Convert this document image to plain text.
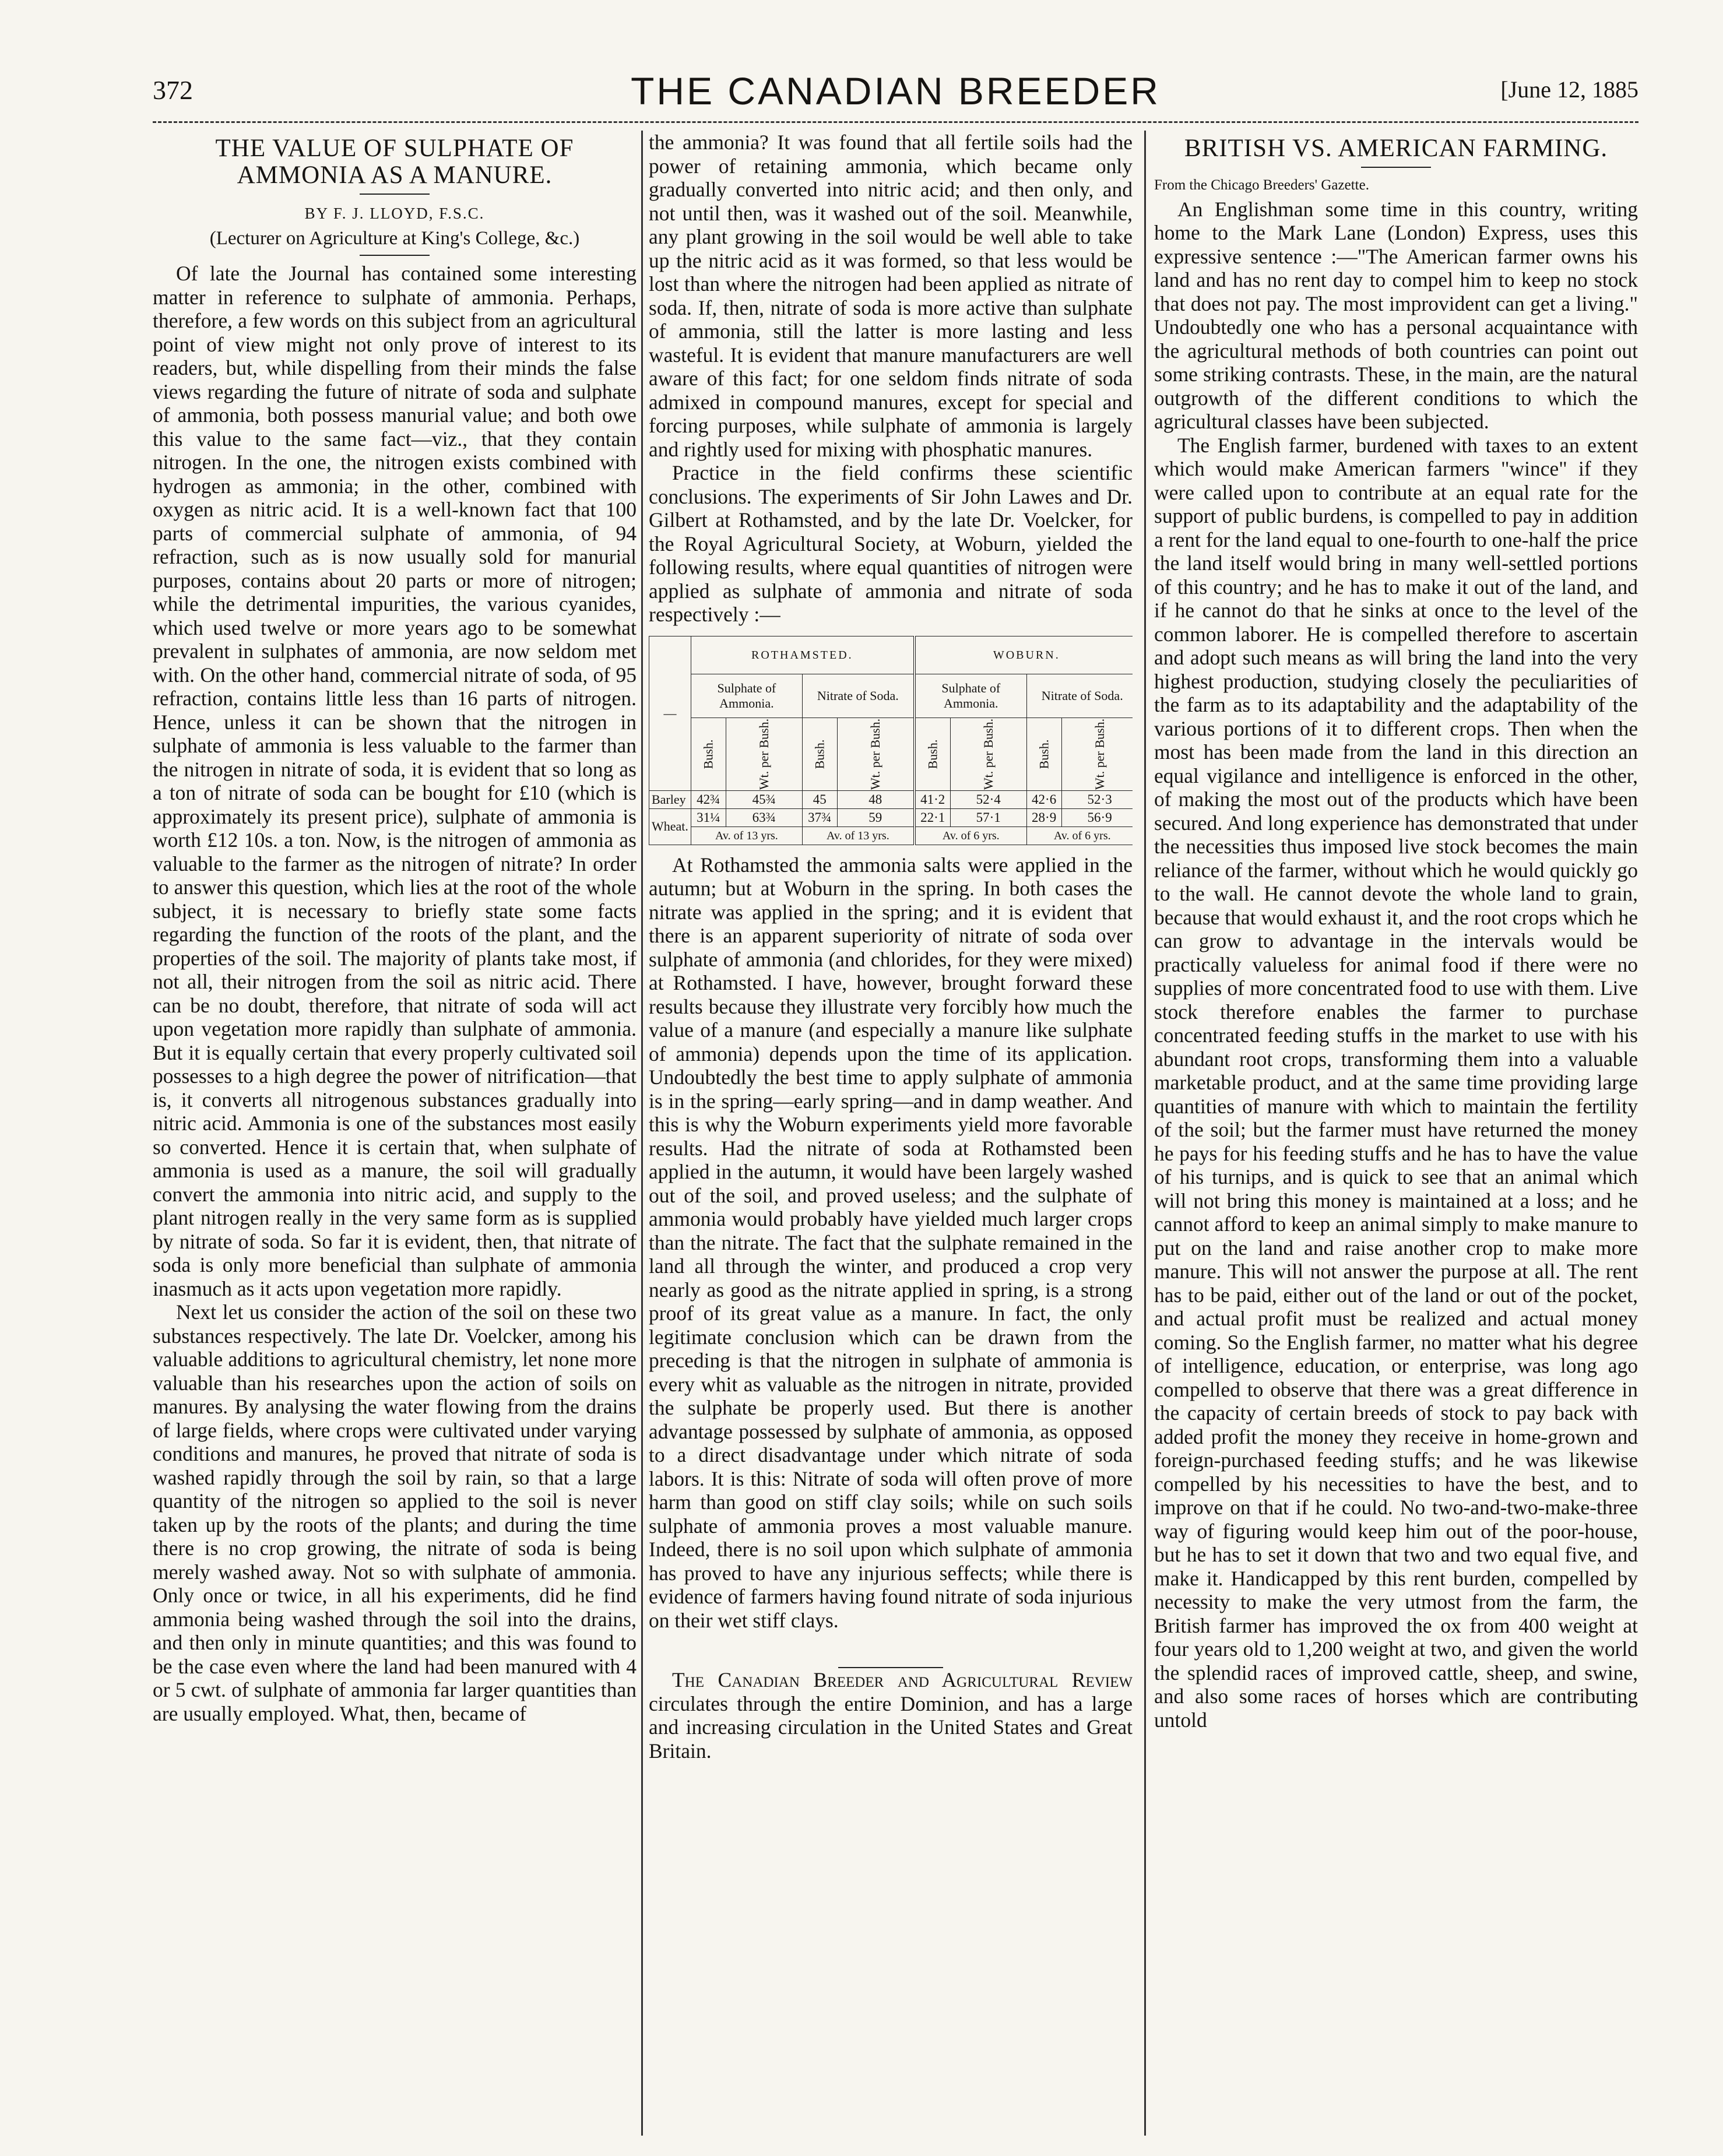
372	THE CANADIAN BREEDER	[June 12, 1885
THE VALUE OF SULPHATE OF AMMONIA AS A MANURE.
BY F. J. LLOYD, F.S.C.
(Lecturer on Agriculture at King's College, &c.)

Of late the Journal has contained some interesting matter in reference to sulphate of ammonia. Perhaps, therefore, a few words on this subject from an agricultural point of view might not only prove of interest to its readers, but, while dispelling from their minds the false views regarding the future of nitrate of soda and sulphate of ammonia, both possess manurial value; and both owe this value to the same fact—viz., that they contain nitrogen. In the one, the nitrogen exists combined with hydrogen as ammonia; in the other, combined with oxygen as nitric acid. It is a well-known fact that 100 parts of commercial sulphate of ammonia, of 94 refraction, such as is now usually sold for manurial purposes, contains about 20 parts or more of nitrogen; while the detrimental impurities, the various cyanides, which used twelve or more years ago to be somewhat prevalent in sulphates of ammonia, are now seldom met with. On the other hand, commercial nitrate of soda, of 95 refraction, contains little less than 16 parts of nitrogen. Hence, unless it can be shown that the nitrogen in sulphate of ammonia is less valuable to the farmer than the nitrogen in nitrate of soda, it is evident that so long as a ton of nitrate of soda can be bought for £10 (which is approximately its present price), sulphate of ammonia is worth £12 10s. a ton. Now, is the nitrogen of ammonia as valuable to the farmer as the nitrogen of nitrate? In order to answer this question, which lies at the root of the whole subject, it is necessary to briefly state some facts regarding the function of the roots of the plant, and the properties of the soil. The majority of plants take most, if not all, their nitrogen from the soil as nitric acid. There can be no doubt, therefore, that nitrate of soda will act upon vegetation more rapidly than sulphate of ammonia. But it is equally certain that every properly cultivated soil possesses to a high degree the power of nitrification—that is, it converts all nitrogenous substances gradually into nitric acid. Ammonia is one of the substances most easily so converted. Hence it is certain that, when sulphate of ammonia is used as a manure, the soil will gradually convert the ammonia into nitric acid, and supply to the plant nitrogen really in the very same form as is supplied by nitrate of soda. So far it is evident, then, that nitrate of soda is only more beneficial than sulphate of ammonia inasmuch as it acts upon vegetation more rapidly.

Next let us consider the action of the soil on these two substances respectively. The late Dr. Voelcker, among his valuable additions to agricultural chemistry, let none more valuable than his researches upon the action of soils on manures. By analysing the water flowing from the drains of large fields, where crops were cultivated under varying conditions and manures, he proved that nitrate of soda is washed rapidly through the soil by rain, so that a large quantity of the nitrogen so applied to the soil is never taken up by the roots of the plants; and during the time there is no crop growing, the nitrate of soda is being merely washed away. Not so with sulphate of ammonia. Only once or twice, in all his experiments, did he find ammonia being washed through the soil into the drains, and then only in minute quantities; and this was found to be the case even where the land had been manured with 4 or 5 cwt. of sulphate of ammonia far larger quantities than are usually employed. What, then, became of

the ammonia? It was found that all fertile soils had the power of retaining ammonia, which became only gradually converted into nitric acid; and then only, and not until then, was it washed out of the soil. Meanwhile, any plant growing in the soil would be well able to take up the nitric acid as it was formed, so that less would be lost than where the nitrogen had been applied as nitrate of soda. If, then, nitrate of soda is more active than sulphate of ammonia, still the latter is more lasting and less wasteful. It is evident that manure manufacturers are well aware of this fact; for one seldom finds nitrate of soda admixed in compound manures, except for special and forcing purposes, while sulphate of ammonia is largely and rightly used for mixing with phosphatic manures.

Practice in the field confirms these scientific conclusions. The experiments of Sir John Lawes and Dr. Gilbert at Rothamsted, and by the late Dr. Voelcker, for the Royal Agricultural Society, at Woburn, yielded the following results, where equal quantities of nitrogen were applied as sulphate of ammonia and nitrate of soda respectively :—

—	ROTHAMSTED.				WOBURN.			
	Sulphate of Ammonia.		Nitrate of Soda.		Sulphate of Ammonia.		Nitrate of Soda.	
	Bush.	Wt. per Bush.	Bush.	Wt. per Bush.	Bush.	Wt. per Bush.	Bush.	Wt. per Bush.
Barley	42¾	45¾	45	48	41·2	52·4	42·6	52·3
Wheat.	31¼	63¾	37¾	59	22·1	57·1	28·9	56·9
	Av. of 13 yrs.		Av. of 13 yrs.		Av. of 6 yrs.		Av. of 6 yrs.	

At Rothamsted the ammonia salts were applied in the autumn; but at Woburn in the spring. In both cases the nitrate was applied in the spring; and it is evident that there is an apparent superiority of nitrate of soda over sulphate of ammonia (and chlorides, for they were mixed) at Rothamsted. I have, however, brought forward these results because they illustrate very forcibly how much the value of a manure (and especially a manure like sulphate of ammonia) depends upon the time of its application. Undoubtedly the best time to apply sulphate of ammonia is in the spring—early spring—and in damp weather. And this is why the Woburn experiments yield more favorable results. Had the nitrate of soda at Rothamsted been applied in the autumn, it would have been largely washed out of the soil, and proved useless; and the sulphate of ammonia would probably have yielded much larger crops than the nitrate. The fact that the sulphate remained in the land all through the winter, and produced a crop very nearly as good as the nitrate applied in spring, is a strong proof of its great value as a manure. In fact, the only legitimate conclusion which can be drawn from the preceding is that the nitrogen in sulphate of ammonia is every whit as valuable as the nitrogen in nitrate, provided the sulphate be properly used. But there is another advantage possessed by sulphate of ammonia, as opposed to a direct disadvantage under which nitrate of soda labors. It is this: Nitrate of soda will often prove of more harm than good on stiff clay soils; while on such soils sulphate of ammonia proves a most valuable manure. Indeed, there is no soil upon which sulphate of ammonia has proved to have any injurious seffects; while there is evidence of farmers having found nitrate of soda injurious on their wet stiff clays.

The Canadian Breeder and Agricultural Review circulates through the entire Dominion, and has a large and increasing circulation in the United States and Great Britain.

BRITISH VS. AMERICAN FARMING.

From the Chicago Breeders' Gazette.

An Englishman some time in this country, writing home to the Mark Lane (London) Express, uses this expressive sentence :—"The American farmer owns his land and has no rent day to compel him to keep no stock that does not pay. The most improvident can get a living." Undoubtedly one who has a personal acquaintance with the agricultural methods of both countries can point out some striking contrasts. These, in the main, are the natural outgrowth of the different conditions to which the agricultural classes have been subjected.

The English farmer, burdened with taxes to an extent which would make American farmers "wince" if they were called upon to contribute at an equal rate for the support of public burdens, is compelled to pay in addition a rent for the land equal to one-fourth to one-half the price the land itself would bring in many well-settled portions of this country; and he has to make it out of the land, and if he cannot do that he sinks at once to the level of the common laborer. He is compelled therefore to ascertain and adopt such means as will bring the land into the very highest production, studying closely the peculiarities of the farm as to its adaptability and the adaptability of the various portions of it to different crops. Then when the most has been made from the land in this direction an equal vigilance and intelligence is enforced in the other, of making the most out of the products which have been secured. And long experience has demonstrated that under the necessities thus imposed live stock becomes the main reliance of the farmer, without which he would quickly go to the wall. He cannot devote the whole land to grain, because that would exhaust it, and the root crops which he can grow to advantage in the intervals would be practically valueless for animal food if there were no supplies of more concentrated food to use with them. Live stock therefore enables the farmer to purchase concentrated feeding stuffs in the market to use with his abundant root crops, transforming them into a valuable marketable product, and at the same time providing large quantities of manure with which to maintain the fertility of the soil; but the farmer must have returned the money he pays for his feeding stuffs and he has to have the value of his turnips, and is quick to see that an animal which will not bring this money is maintained at a loss; and he cannot afford to keep an animal simply to make manure to put on the land and raise another crop to make more manure. This will not answer the purpose at all. The rent has to be paid, either out of the land or out of the pocket, and actual profit must be realized and actual money coming. So the English farmer, no matter what his degree of intelligence, education, or enterprise, was long ago compelled to observe that there was a great difference in the capacity of certain breeds of stock to pay back with added profit the money they receive in home-grown and foreign-purchased feeding stuffs; and he was likewise compelled by his necessities to have the best, and to improve on that if he could. No two-and-two-make-three way of figuring would keep him out of the poor-house, but he has to set it down that two and two equal five, and make it. Handicapped by this rent burden, compelled by necessity to make the very utmost from the farm, the British farmer has improved the ox from 400 weight at four years old to 1,200 weight at two, and given the world the splendid races of improved cattle, sheep, and swine, and also some races of horses which are contributing untold
